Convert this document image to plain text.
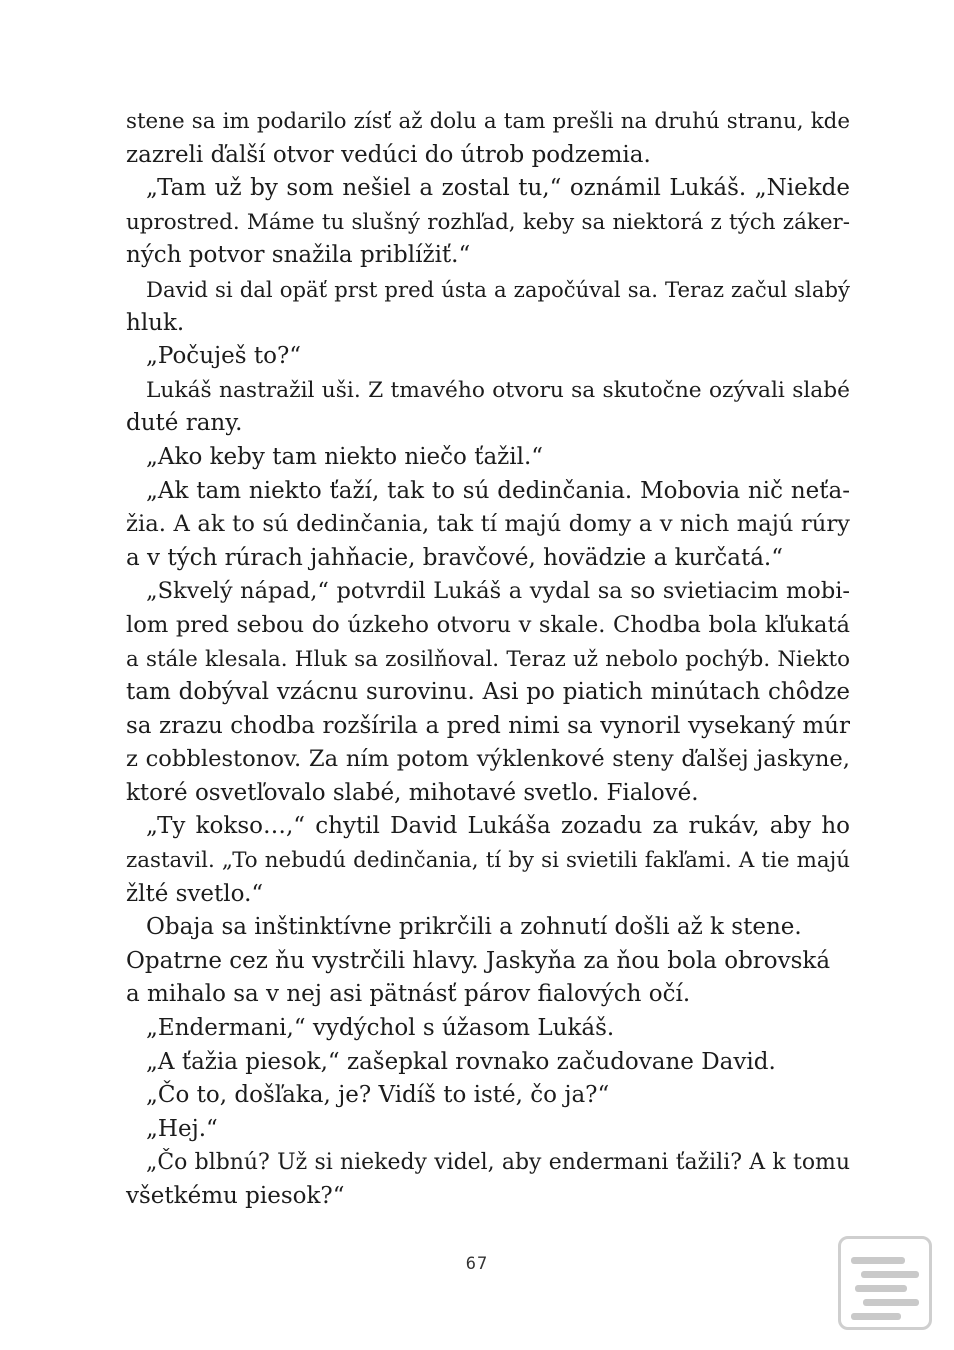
stene sa im podarilo zísť až dolu a tam prešli na druhú stranu, kde
zazreli ďalší otvor vedúci do útrob podzemia.
„Tam už by som nešiel a zostal tu,“ oznámil Lukáš. „Niekde
uprostred. Máme tu slušný rozhľad, keby sa niektorá z tých záker-
ných potvor snažila priblížiť.“
David si dal opäť prst pred ústa a započúval sa. Teraz začul slabý
hluk.
„Počuješ to?“
Lukáš nastražil uši. Z tmavého otvoru sa skutočne ozývali slabé
duté rany.
„Ako keby tam niekto niečo ťažil.“
„Ak tam niekto ťaží, tak to sú dedinčania. Mobovia nič neťa-
žia. A ak to sú dedinčania, tak tí majú domy a v nich majú rúry
a v tých rúrach jahňacie, bravčové, hovädzie a kurčatá.“
„Skvelý nápad,“ potvrdil Lukáš a vydal sa so svietiacim mobi-
lom pred sebou do úzkeho otvoru v skale. Chodba bola kľukatá
a stále klesala. Hluk sa zosilňoval. Teraz už nebolo pochýb. Niekto
tam dobýval vzácnu surovinu. Asi po piatich minútach chôdze
sa zrazu chodba rozšírila a pred nimi sa vynoril vysekaný múr
z cobblestonov. Za ním potom výklenkové steny ďalšej jaskyne,
ktoré osvetľovalo slabé, mihotavé svetlo. Fialové.
„Ty kokso…,“ chytil David Lukáša zozadu za rukáv, aby ho
zastavil. „To nebudú dedinčania, tí by si svietili fakľami. A tie majú
žlté svetlo.“
Obaja sa inštinktívne prikrčili a zohnutí došli až k stene.
Opatrne cez ňu vystrčili hlavy. Jaskyňa za ňou bola obrovská
a mihalo sa v nej asi pätnásť párov fialových očí.
„Endermani,“ vydýchol s úžasom Lukáš.
„A ťažia piesok,“ zašepkal rovnako začudovane David.
„Čo to, došľaka, je? Vidíš to isté, čo ja?“
„Hej.“
„Čo blbnú? Už si niekedy videl, aby endermani ťažili? A k tomu
všetkému piesok?“
67
